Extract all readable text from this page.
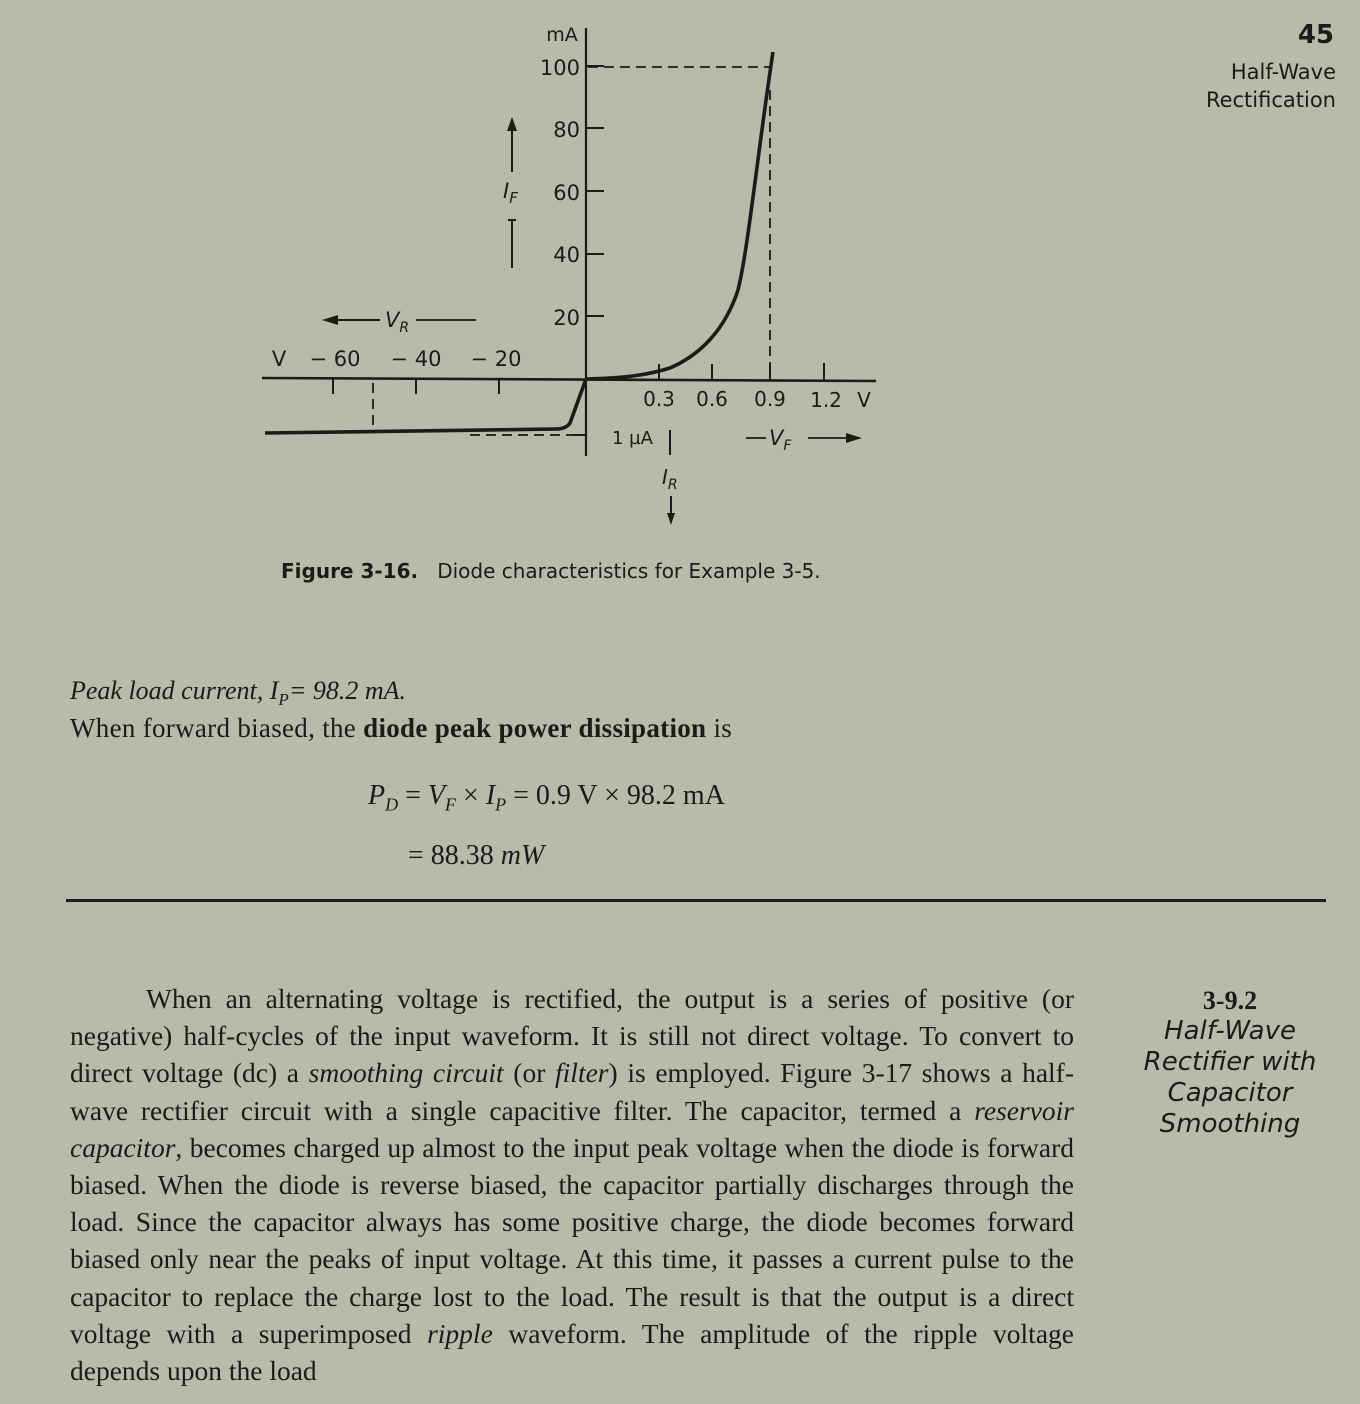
45
Half-Wave
Rectification
mA
100
80
60
40
20
0.3 0.6 0.9 1.2 V
V − 60 − 40 − 20
$I_F$
$V_R$
1 µA
$I_R$
$V_F$
Figure 3-16. Diode characteristics for Example 3-5.
Peak load current, $I_P= 98.2$ mA.
When forward biased, the diode peak power dissipation is
$P_D = V_F \times I_P = 0.9$ V × 98.2 mA
= 88.38 mW

When an alternating voltage is rectified, the output is a series of positive (or negative) half-cycles of the input waveform. It is still not direct voltage. To convert to direct voltage (dc) a smoothing circuit (or filter) is employed. Figure 3-17 shows a half-wave rectifier circuit with a single capacitive filter. The capacitor, termed a reservoir capacitor, becomes charged up almost to the input peak voltage when the diode is forward biased. When the diode is reverse biased, the capacitor partially discharges through the load. Since the capacitor always has some positive charge, the diode becomes forward biased only near the peaks of input voltage. At this time, it passes a current pulse to the capacitor to replace the charge lost to the load. The result is that the output is a direct voltage with a superimposed ripple waveform. The amplitude of the ripple voltage depends upon the load

3-9.2
Half-Wave
Rectifier with
Capacitor
Smoothing
